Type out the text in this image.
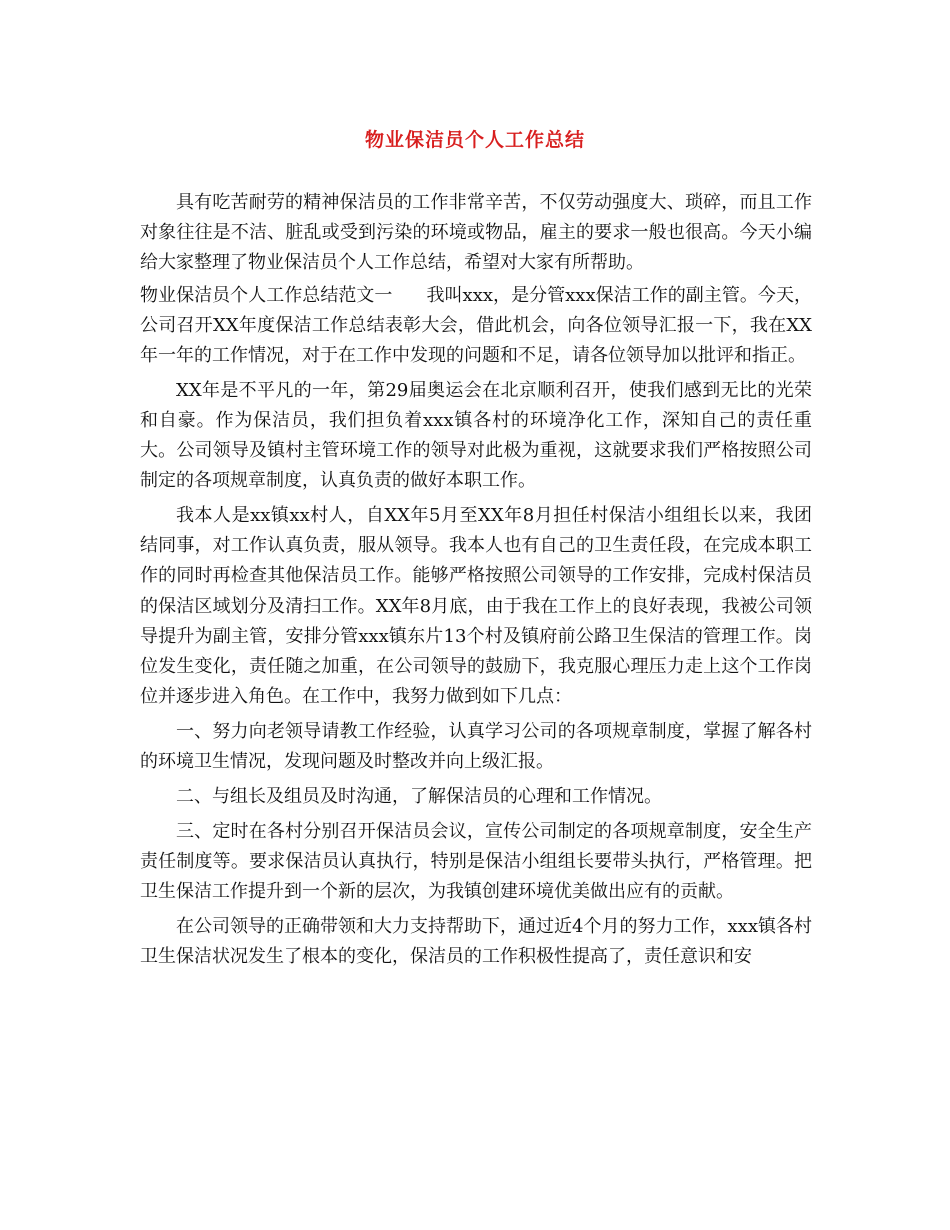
物业保洁员个人工作总结

具有吃苦耐劳的精神保洁员的工作非常辛苦，不仅劳动强度大、琐碎，而且工作对象往往是不洁、脏乱或受到污染的环境或物品，雇主的要求一般也很高。今天小编给大家整理了物业保洁员个人工作总结，希望对大家有所帮助。

物业保洁员个人工作总结范文一 我叫xxx，是分管xxx保洁工作的副主管。今天，公司召开XX年度保洁工作总结表彰大会，借此机会，向各位领导汇报一下，我在XX年一年的工作情况，对于在工作中发现的问题和不足，请各位领导加以批评和指正。

XX年是不平凡的一年，第29届奥运会在北京顺利召开，使我们感到无比的光荣和自豪。作为保洁员，我们担负着xxx镇各村的环境净化工作，深知自己的责任重大。公司领导及镇村主管环境工作的领导对此极为重视，这就要求我们严格按照公司制定的各项规章制度，认真负责的做好本职工作。

我本人是xx镇xx村人，自XX年5月至XX年8月担任村保洁小组组长以来，我团结同事，对工作认真负责，服从领导。我本人也有自己的卫生责任段，在完成本职工作的同时再检查其他保洁员工作。能够严格按照公司领导的工作安排，完成村保洁员的保洁区域划分及清扫工作。XX年8月底，由于我在工作上的良好表现，我被公司领导提升为副主管，安排分管xxx镇东片13个村及镇府前公路卫生保洁的管理工作。岗位发生变化，责任随之加重，在公司领导的鼓励下，我克服心理压力走上这个工作岗位并逐步进入角色。在工作中，我努力做到如下几点：

一、努力向老领导请教工作经验，认真学习公司的各项规章制度，掌握了解各村的环境卫生情况，发现问题及时整改并向上级汇报。

二、与组长及组员及时沟通，了解保洁员的心理和工作情况。

三、定时在各村分别召开保洁员会议，宣传公司制定的各项规章制度，安全生产责任制度等。要求保洁员认真执行，特别是保洁小组组长要带头执行，严格管理。把卫生保洁工作提升到一个新的层次，为我镇创建环境优美做出应有的贡献。

在公司领导的正确带领和大力支持帮助下，通过近4个月的努力工作，xxx镇各村卫生保洁状况发生了根本的变化，保洁员的工作积极性提高了，责任意识和安
